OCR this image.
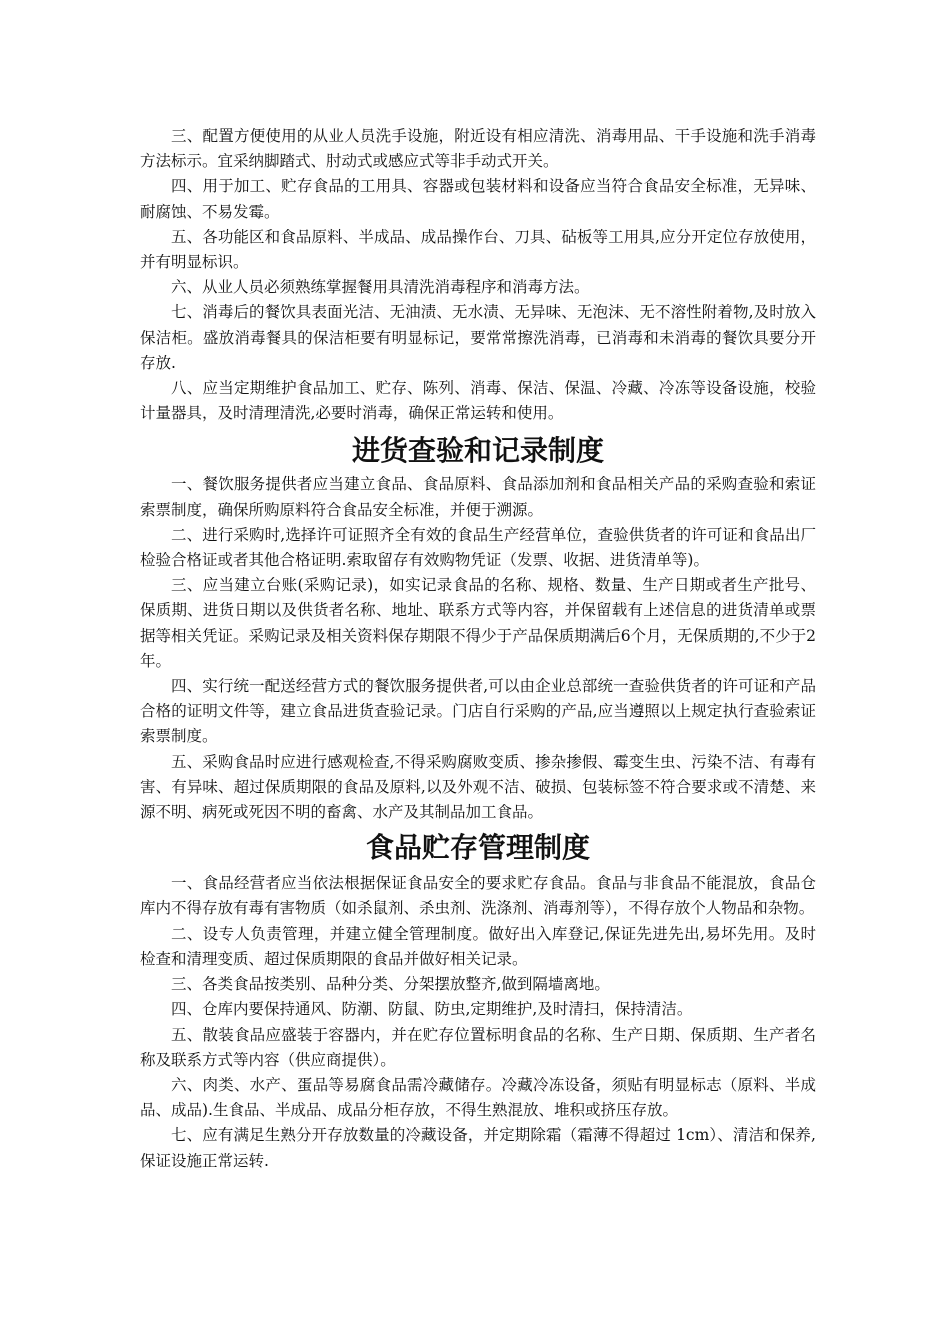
三、配置方便使用的从业人员洗手设施，附近设有相应清洗、消毒用品、干手设施和洗手消毒方法标示。宜采纳脚踏式、肘动式或感应式等非手动式开关。

四、用于加工、贮存食品的工用具、容器或包装材料和设备应当符合食品安全标准，无异味、耐腐蚀、不易发霉。

五、各功能区和食品原料、半成品、成品操作台、刀具、砧板等工用具,应分开定位存放使用，并有明显标识。

六、从业人员必须熟练掌握餐用具清洗消毒程序和消毒方法。

七、消毒后的餐饮具表面光洁、无油渍、无水渍、无异味、无泡沫、无不溶性附着物,及时放入保洁柜。盛放消毒餐具的保洁柜要有明显标记，要常常擦洗消毒，已消毒和未消毒的餐饮具要分开存放.

八、应当定期维护食品加工、贮存、陈列、消毒、保洁、保温、冷藏、冷冻等设备设施，校验计量器具，及时清理清洗,必要时消毒，确保正常运转和使用。

进货查验和记录制度

一、餐饮服务提供者应当建立食品、食品原料、食品添加剂和食品相关产品的采购查验和索证索票制度，确保所购原料符合食品安全标准，并便于溯源。

二、进行采购时,选择许可证照齐全有效的食品生产经营单位，查验供货者的许可证和食品出厂检验合格证或者其他合格证明.索取留存有效购物凭证（发票、收据、进货清单等)。

三、应当建立台账(采购记录)，如实记录食品的名称、规格、数量、生产日期或者生产批号、保质期、进货日期以及供货者名称、地址、联系方式等内容，并保留载有上述信息的进货清单或票据等相关凭证。采购记录及相关资料保存期限不得少于产品保质期满后6个月，无保质期的,不少于2年。

四、实行统一配送经营方式的餐饮服务提供者,可以由企业总部统一查验供货者的许可证和产品合格的证明文件等，建立食品进货查验记录。门店自行采购的产品,应当遵照以上规定执行查验索证索票制度。

五、采购食品时应进行感观检查,不得采购腐败变质、掺杂掺假、霉变生虫、污染不洁、有毒有害、有异味、超过保质期限的食品及原料,以及外观不洁、破损、包装标签不符合要求或不清楚、来源不明、病死或死因不明的畜禽、水产及其制品加工食品。

食品贮存管理制度

一、食品经营者应当依法根据保证食品安全的要求贮存食品。食品与非食品不能混放，食品仓库内不得存放有毒有害物质（如杀鼠剂、杀虫剂、洗涤剂、消毒剂等），不得存放个人物品和杂物。

二、设专人负责管理，并建立健全管理制度。做好出入库登记,保证先进先出,易坏先用。及时检查和清理变质、超过保质期限的食品并做好相关记录。

三、各类食品按类别、品种分类、分架摆放整齐,做到隔墙离地。

四、仓库内要保持通风、防潮、防鼠、防虫,定期维护,及时清扫，保持清洁。

五、散装食品应盛装于容器内，并在贮存位置标明食品的名称、生产日期、保质期、生产者名称及联系方式等内容（供应商提供）。

六、肉类、水产、蛋品等易腐食品需冷藏储存。冷藏冷冻设备，须贴有明显标志（原料、半成品、成品).生食品、半成品、成品分柜存放，不得生熟混放、堆积或挤压存放。

七、应有满足生熟分开存放数量的冷藏设备，并定期除霜（霜薄不得超过 1cm）、清洁和保养,保证设施正常运转.
